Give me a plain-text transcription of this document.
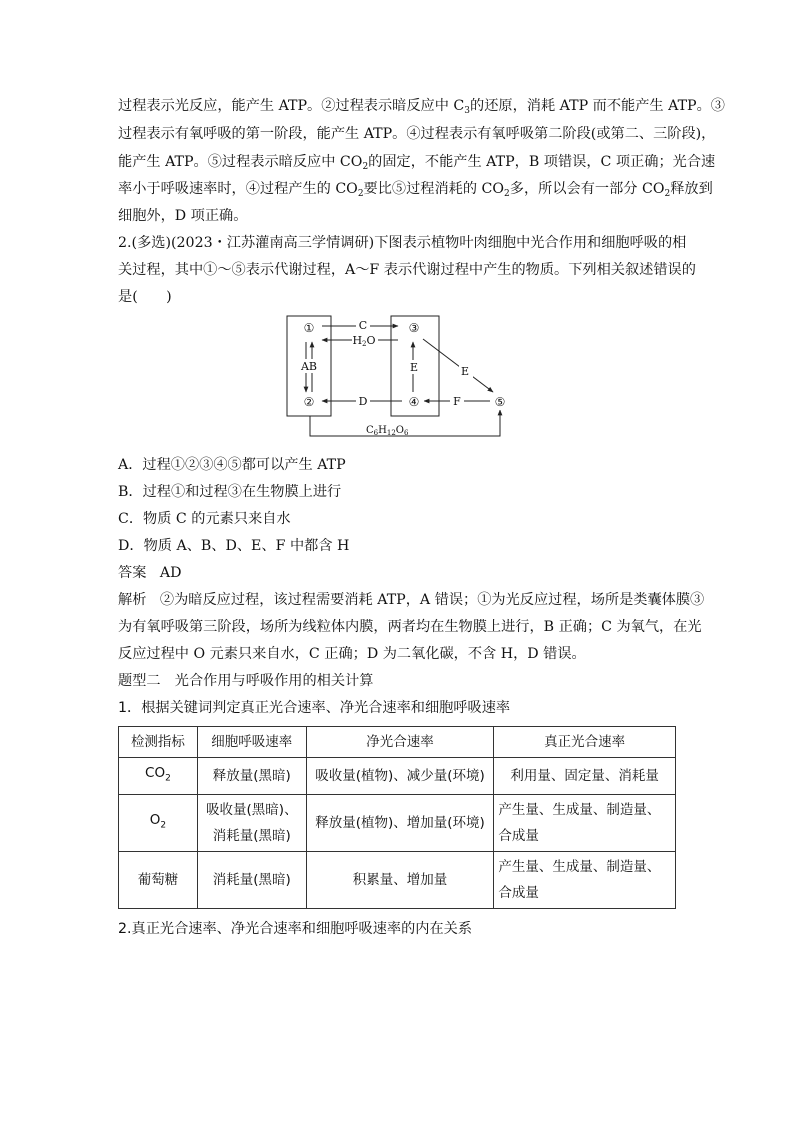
过程表示光反应，能产生 ATP。②过程表示暗反应中 $C_3$的还原，消耗 ATP 而不能产生 ATP。③
过程表示有氧呼吸的第一阶段，能产生 ATP。④过程表示有氧呼吸第二阶段(或第二、三阶段)，
能产生 ATP。⑤过程表示暗反应中 $CO_2$的固定，不能产生 ATP，B 项错误，C 项正确；光合速
率小于呼吸速率时，④过程产生的 $CO_2$要比⑤过程消耗的 $CO_2$多，所以会有一部分 $CO_2$释放到
细胞外，D 项正确。
2.(多选)(2023・江苏灌南高三学情调研)下图表示植物叶肉细胞中光合作用和细胞呼吸的相
关过程，其中①～⑤表示代谢过程，A～F 表示代谢过程中产生的物质。下列相关叙述错误的
是(　　)
①
AB
②
③
E
④	⑤
C
H2O
E
F
D
$C_6H_{12}O_6$
A．过程①②③④⑤都可以产生 ATP
B．过程①和过程③在生物膜上进行
C．物质 C 的元素只来自水
D．物质 A、B、D、E、F 中都含 H
答案 AD
解析 ②为暗反应过程，该过程需要消耗 ATP，A 错误；①为光反应过程，场所是类囊体膜③
为有氧呼吸第三阶段，场所为线粒体内膜，两者均在生物膜上进行，B 正确；C 为氧气，在光
反应过程中 O 元素只来自水，C 正确；D 为二氧化碳，不含 H，D 错误。
题型二　光合作用与呼吸作用的相关计算
1．根据关键词判定真正光合速率、净光合速率和细胞呼吸速率
检测指标	细胞呼吸速率	净光合速率	真正光合速率
$CO_2$	释放量(黑暗)	吸收量(植物)、减少量(环境)	利用量、固定量、消耗量
$O_2$	吸收量(黑暗)、消耗量(黑暗)	释放量(植物)、增加量(环境)	产生量、生成量、制造量、合成量
葡萄糖	消耗量(黑暗)	积累量、增加量	产生量、生成量、制造量、合成量
2.真正光合速率、净光合速率和细胞呼吸速率的内在关系
